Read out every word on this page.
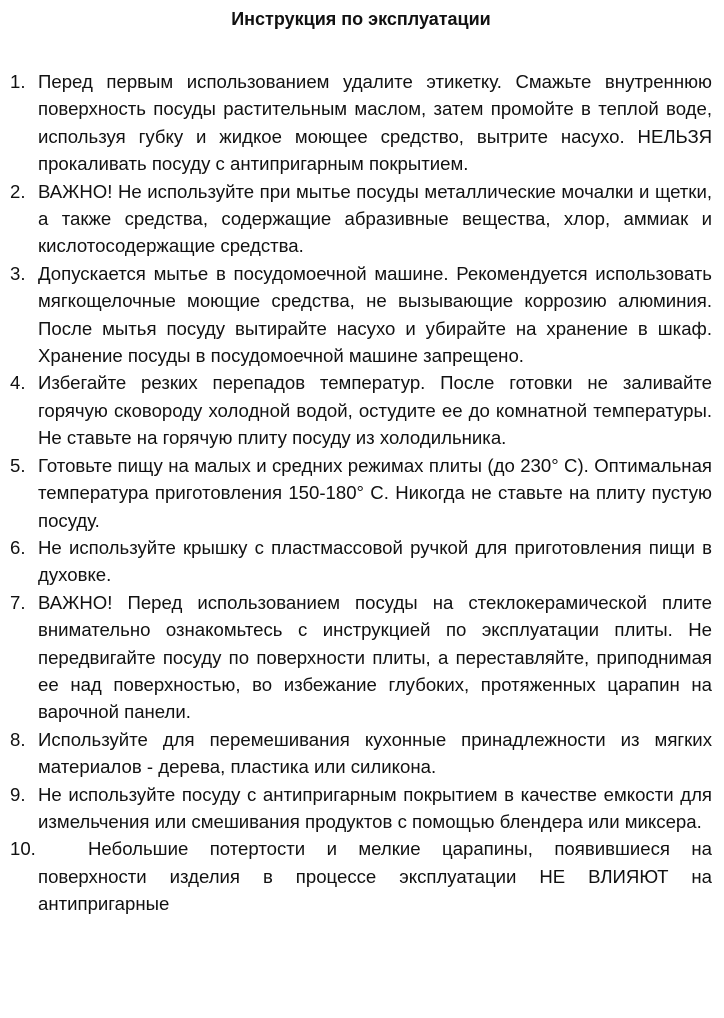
Инструкция по эксплуатации
1. Перед первым использованием удалите этикетку. Смажьте внутреннюю поверхность посуды растительным маслом, затем промойте в теплой воде, используя губку и жидкое моющее средство, вытрите насухо. НЕЛЬЗЯ прокаливать посуду с антипригарным покрытием.
2. ВАЖНО! Не используйте при мытье посуды металлические мочалки и щетки, а также средства, содержащие абразивные вещества, хлор, аммиак и кислотосодержащие средства.
3. Допускается мытье в посудомоечной машине. Рекомендуется использовать мягкощелочные моющие средства, не вызывающие коррозию алюминия. После мытья посуду вытирайте насухо и убирайте на хранение в шкаф. Хранение посуды в посудомоечной машине запрещено.
4. Избегайте резких перепадов температур. После готовки не заливайте горячую сковороду холодной водой, остудите ее до комнатной температуры. Не ставьте на горячую плиту посуду из холодильника.
5. Готовьте пищу на малых и средних режимах плиты (до 230° С). Оптимальная температура приготовления 150-180° С. Никогда не ставьте на плиту пустую посуду.
6. Не используйте крышку с пластмассовой ручкой для приготовления пищи в духовке.
7. ВАЖНО! Перед использованием посуды на стеклокерамической плите внимательно ознакомьтесь с инструкцией по эксплуатации плиты. Не передвигайте посуду по поверхности плиты, а переставляйте, приподнимая ее над поверхностью, во избежание глубоких, протяженных царапин на варочной панели.
8. Используйте для перемешивания кухонные принадлежности из мягких материалов - дерева, пластика или силикона.
9. Не используйте посуду с антипригарным покрытием в качестве емкости для измельчения или смешивания продуктов с помощью блендера или миксера.
10.	Небольшие потертости и мелкие царапины, появившиеся на поверхности изделия в процессе эксплуатации НЕ ВЛИЯЮТ на антипригарные
